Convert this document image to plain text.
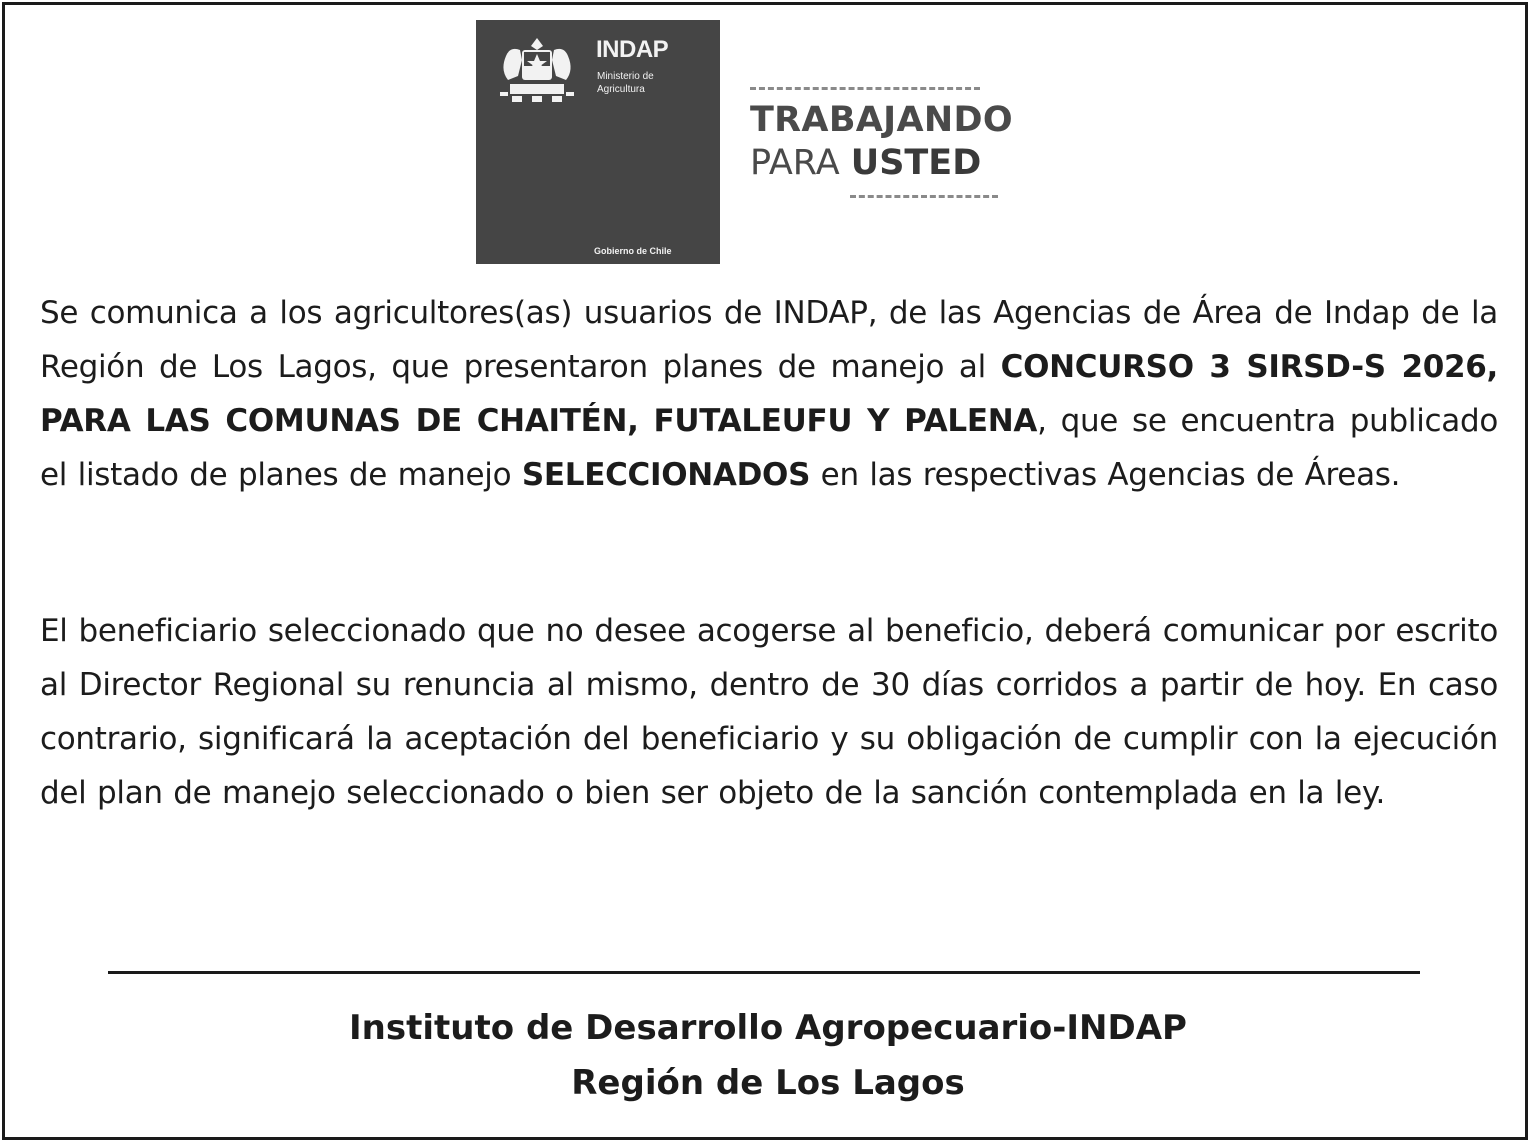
INDAP
Ministerio de Agricultura
Gobierno de Chile
TRABAJANDO
PARA USTED

Se comunica a los agricultores(as) usuarios de INDAP, de las Agencias de Área de Indap de la Región de Los Lagos, que presentaron planes de manejo al CONCURSO 3 SIRSD-S 2026, PARA LAS COMUNAS DE CHAITÉN, FUTALEUFU Y PALENA, que se encuentra publicado el listado de planes de manejo SELECCIONADOS en las respectivas Agencias de Áreas.

El beneficiario seleccionado que no desee acogerse al beneficio, deberá comunicar por escrito al Director Regional su renuncia al mismo, dentro de 30 días corridos a partir de hoy. En caso contrario, significará la aceptación del beneficiario y su obligación de cumplir con la ejecución del plan de manejo seleccionado o bien ser objeto de la sanción contemplada en la ley.

Instituto de Desarrollo Agropecuario-INDAP
Región de Los Lagos
